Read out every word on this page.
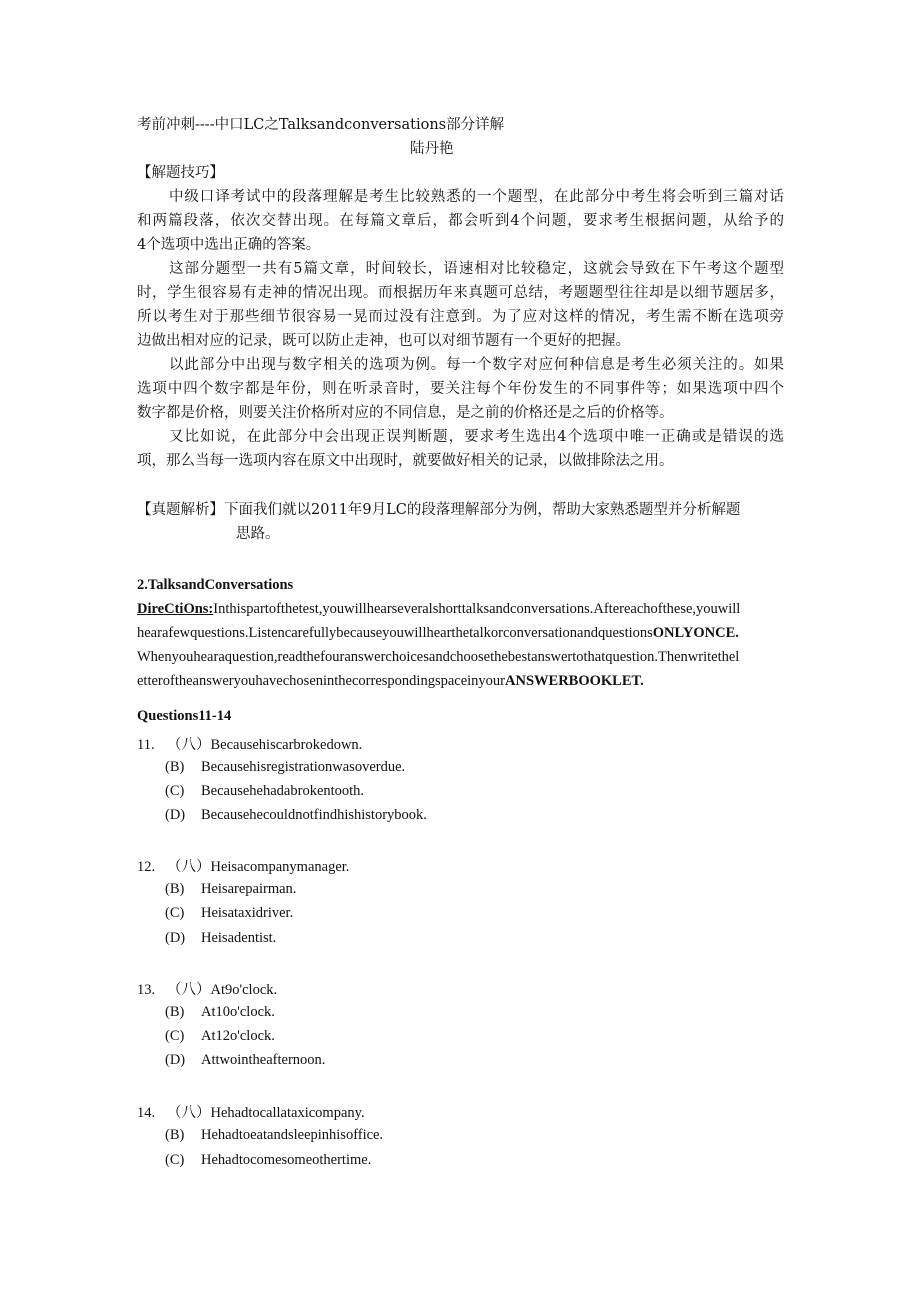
考前冲刺----中口LC之Talksandconversations部分详解

陆丹艳

【解题技巧】

中级口译考试中的段落理解是考生比较熟悉的一个题型，在此部分中考生将会听到三篇对话

和两篇段落，依次交替出现。在每篇文章后，都会听到4个问题，要求考生根据问题，从给予的

4个选项中选出正确的答案。

这部分题型一共有5篇文章，时间较长，语速相对比较稳定，这就会导致在下午考这个题型

时，学生很容易有走神的情况出现。而根据历年来真题可总结，考题题型往往却是以细节题居多，

所以考生对于那些细节很容易一晃而过没有注意到。为了应对这样的情况，考生需不断在选项旁

边做出相对应的记录，既可以防止走神，也可以对细节题有一个更好的把握。

以此部分中出现与数字相关的选项为例。每一个数字对应何种信息是考生必须关注的。如果

选项中四个数字都是年份，则在听录音时，要关注每个年份发生的不同事件等；如果选项中四个

数字都是价格，则要关注价格所对应的不同信息，是之前的价格还是之后的价格等。

又比如说，在此部分中会出现正误判断题，要求考生选出4个选项中唯一正确或是错误的选

项，那么当每一选项内容在原文中出现时，就要做好相关的记录，以做排除法之用。

【真题解析】下面我们就以2011年9月LC的段落理解部分为例，帮助大家熟悉题型并分析解题

思路。

2.TalksandConversations

DireCtiOns:Inthispartofthetest,youwillhearseveralshorttalksandconversations.Aftereachofthese,youwill

hearafewquestions.ListencarefullybecauseyouwillhearthetalkorconversationandquestionsONLYONCE.

Whenyouhearaquestion,readthefouranswerchoicesandchoosethebestanswertothatquestion.Thenwritethel

etteroftheansweryouhavechoseninthecorrespondingspaceinyourANSWERBOOKLET.

Questions11-14

11. （八）Becausehiscarbrokedown.
(B) Becausehisregistrationwasoverdue.
(C) Becausehehadabrokentooth.
(D) Becausehecouldnotfindhishistorybook.
12. （八）Heisacompanymanager.
(B) Heisarepairman.
(C) Heisataxidriver.
(D) Heisadentist.
13. （八）At9o'clock.
(B) At10o'clock.
(C) At12o'clock.
(D) Attwointheafternoon.
14. （八）Hehadtocallataxicompany.
(B) Hehadtoeatandsleepinhisoffice.
(C) Hehadtocomesomeothertime.
